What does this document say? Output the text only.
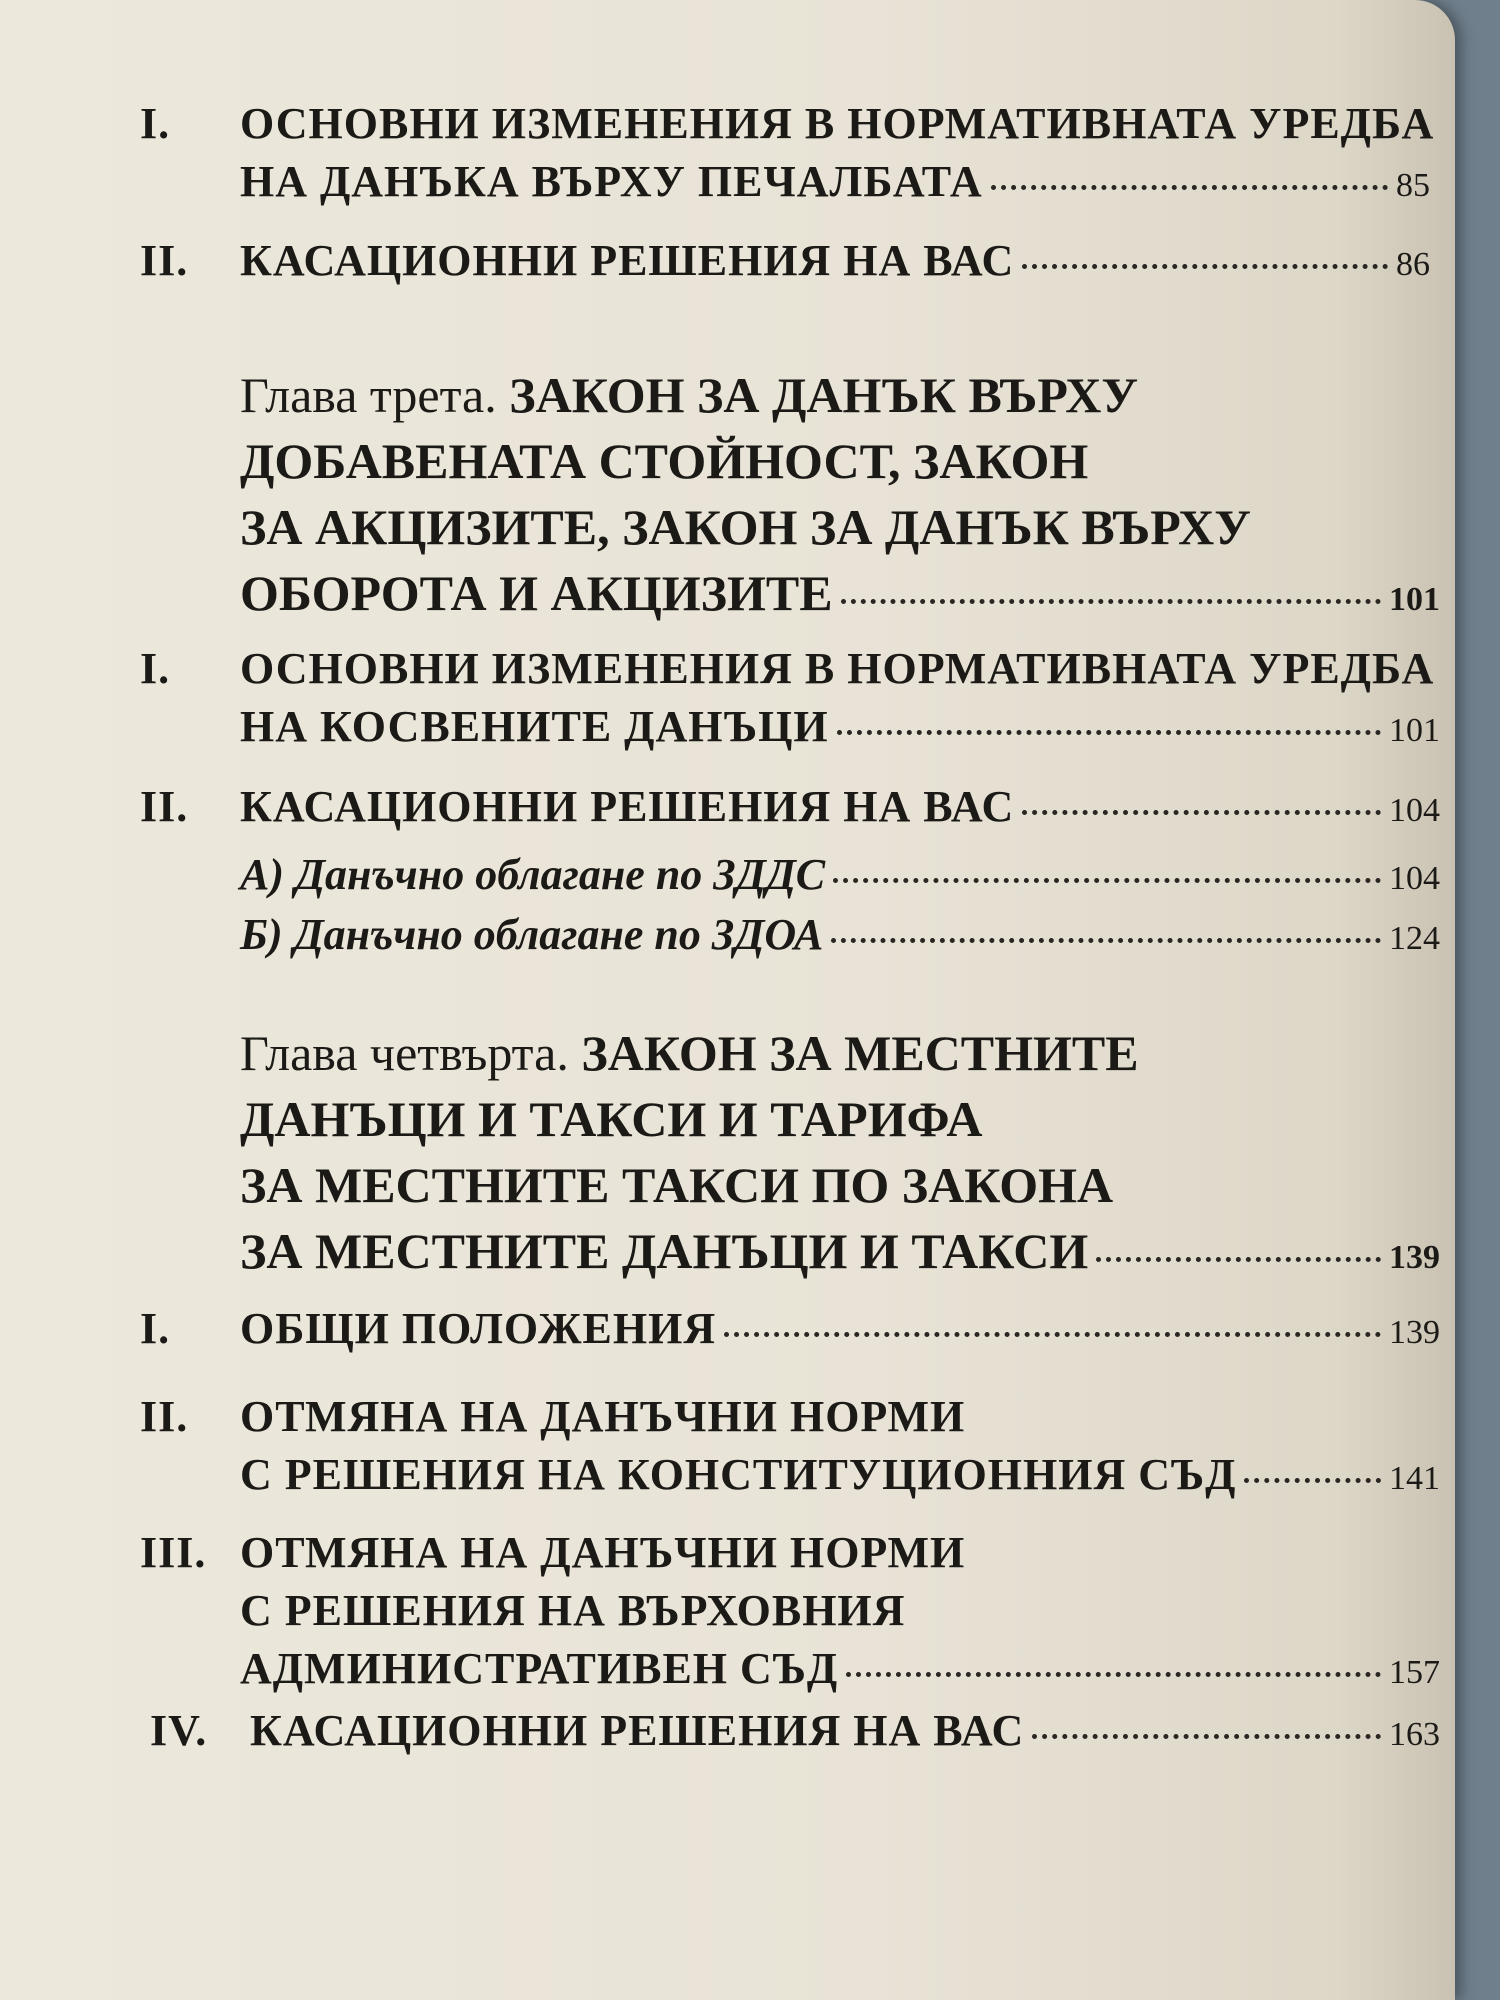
I. ОСНОВНИ ИЗМЕНЕНИЯ В НОРМАТИВНАТА УРЕДБА
НА ДАНЪКА ВЪРХУ ПЕЧАЛБАТА	85
II. КАСАЦИОННИ РЕШЕНИЯ НА ВАС	86
Глава трета. ЗАКОН ЗА ДАНЪК ВЪРХУ
ДОБАВЕНАТА СТОЙНОСТ, ЗАКОН
ЗА АКЦИЗИТЕ, ЗАКОН ЗА ДАНЪК ВЪРХУ
ОБОРОТА И АКЦИЗИТЕ	101
I. ОСНОВНИ ИЗМЕНЕНИЯ В НОРМАТИВНАТА УРЕДБА
НА КОСВЕНИТЕ ДАНЪЦИ	101
II. КАСАЦИОННИ РЕШЕНИЯ НА ВАС	104
А) Данъчно облагане по ЗДДС	104
Б) Данъчно облагане по ЗДОА	124
Глава четвърта. ЗАКОН ЗА МЕСТНИТЕ
ДАНЪЦИ И ТАКСИ И ТАРИФА
ЗА МЕСТНИТЕ ТАКСИ ПО ЗАКОНА
ЗА МЕСТНИТЕ ДАНЪЦИ И ТАКСИ	139
I. ОБЩИ ПОЛОЖЕНИЯ	139
II. ОТМЯНА НА ДАНЪЧНИ НОРМИ
С РЕШЕНИЯ НА КОНСТИТУЦИОННИЯ СЪД	141
III. ОТМЯНА НА ДАНЪЧНИ НОРМИ
С РЕШЕНИЯ НА ВЪРХОВНИЯ
АДМИНИСТРАТИВЕН СЪД	157
IV. КАСАЦИОННИ РЕШЕНИЯ НА ВАС	163
